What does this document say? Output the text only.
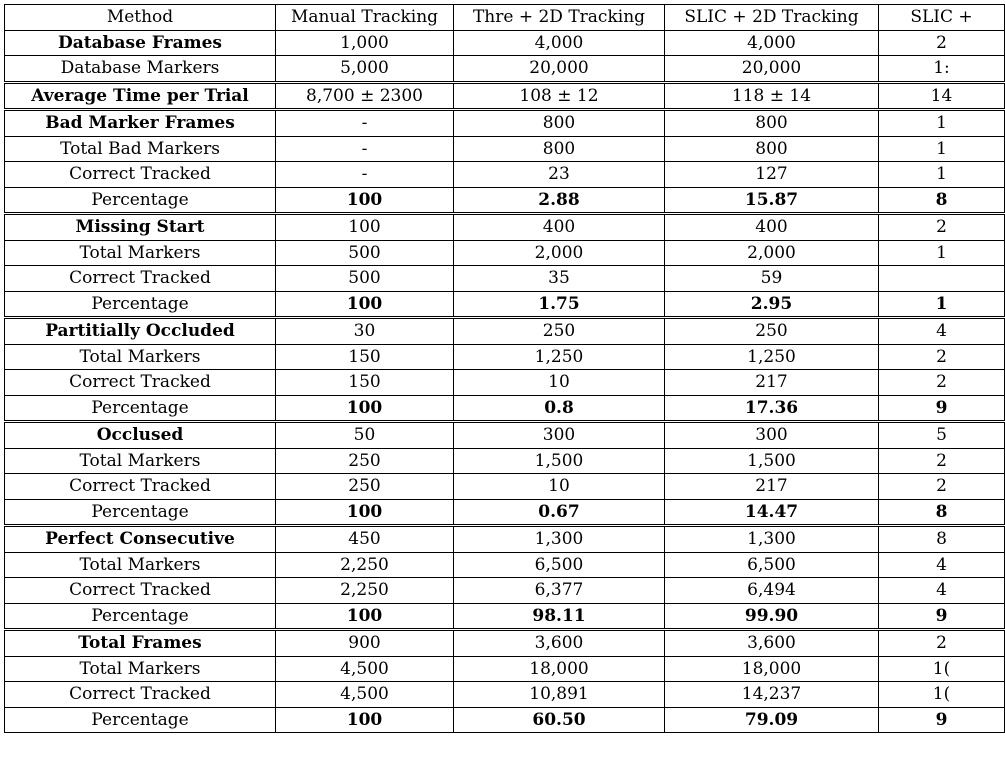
Method	Manual Tracking	Thre + 2D Tracking	SLIC + 2D Tracking	SLIC +
Database Frames	1,000	4,000	4,000	2
Database Markers	5,000	20,000	20,000	1:
Average Time per Trial	8,700 ± 2300	108 ± 12	118 ± 14	14
Bad Marker Frames	-	800	800	1
Total Bad Markers	-	800	800	1
Correct Tracked	-	23	127	1
Percentage	100	2.88	15.87	8
Missing Start	100	400	400	2
Total Markers	500	2,000	2,000	1
Correct Tracked	500	35	59	
Percentage	100	1.75	2.95	1
Partitially Occluded	30	250	250	4
Total Markers	150	1,250	1,250	2
Correct Tracked	150	10	217	2
Percentage	100	0.8	17.36	9
Occlused	50	300	300	5
Total Markers	250	1,500	1,500	2
Correct Tracked	250	10	217	2
Percentage	100	0.67	14.47	8
Perfect Consecutive	450	1,300	1,300	8
Total Markers	2,250	6,500	6,500	4
Correct Tracked	2,250	6,377	6,494	4
Percentage	100	98.11	99.90	9
Total Frames	900	3,600	3,600	2
Total Markers	4,500	18,000	18,000	1(
Correct Tracked	4,500	10,891	14,237	1(
Percentage	100	60.50	79.09	9
